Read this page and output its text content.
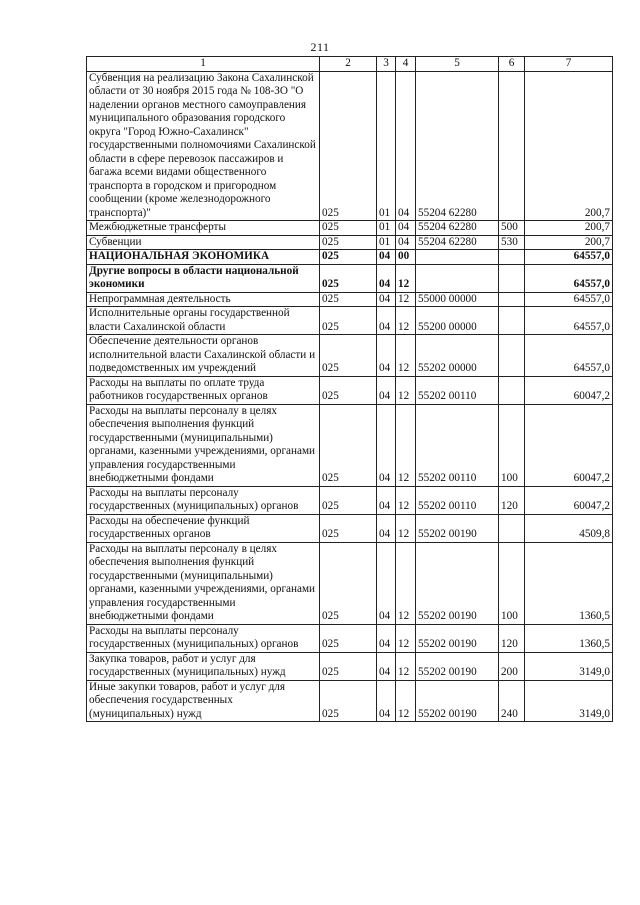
211
1	2	3	4	5	6	7
Субвенция на реализацию Закона Сахалинской области от 30 ноября 2015 года № 108-ЗО "О наделении органов местного самоуправления муниципального образования городского округа "Город Южно-Сахалинск" государственными полномочиями Сахалинской области в сфере перевозок пассажиров и багажа всеми видами общественного транспорта в городском и пригородном сообщении (кроме железнодорожного транспорта)"	025	01	04	55204 62280		200,7
Межбюджетные трансферты	025	01	04	55204 62280	500	200,7
Субвенции	025	01	04	55204 62280	530	200,7
НАЦИОНАЛЬНАЯ ЭКОНОМИКА	025	04	00			64557,0
Другие вопросы в области национальной экономики	025	04	12			64557,0
Непрограммная деятельность	025	04	12	55000 00000		64557,0
Исполнительные органы государственной власти Сахалинской области	025	04	12	55200 00000		64557,0
Обеспечение деятельности органов исполнительной власти Сахалинской области и подведомственных им учреждений	025	04	12	55202 00000		64557,0
Расходы на выплаты по оплате труда работников государственных органов	025	04	12	55202 00110		60047,2
Расходы на выплаты персоналу в целях обеспечения выполнения функций государственными (муниципальными) органами, казенными учреждениями, органами управления государственными внебюджетными фондами	025	04	12	55202 00110	100	60047,2
Расходы на выплаты персоналу государственных (муниципальных) органов	025	04	12	55202 00110	120	60047,2
Расходы на обеспечение функций государственных органов	025	04	12	55202 00190		4509,8
Расходы на выплаты персоналу в целях обеспечения выполнения функций государственными (муниципальными) органами, казенными учреждениями, органами управления государственными внебюджетными фондами	025	04	12	55202 00190	100	1360,5
Расходы на выплаты персоналу государственных (муниципальных) органов	025	04	12	55202 00190	120	1360,5
Закупка товаров, работ и услуг для государственных (муниципальных) нужд	025	04	12	55202 00190	200	3149,0
Иные закупки товаров, работ и услуг для обеспечения государственных (муниципальных) нужд	025	04	12	55202 00190	240	3149,0
